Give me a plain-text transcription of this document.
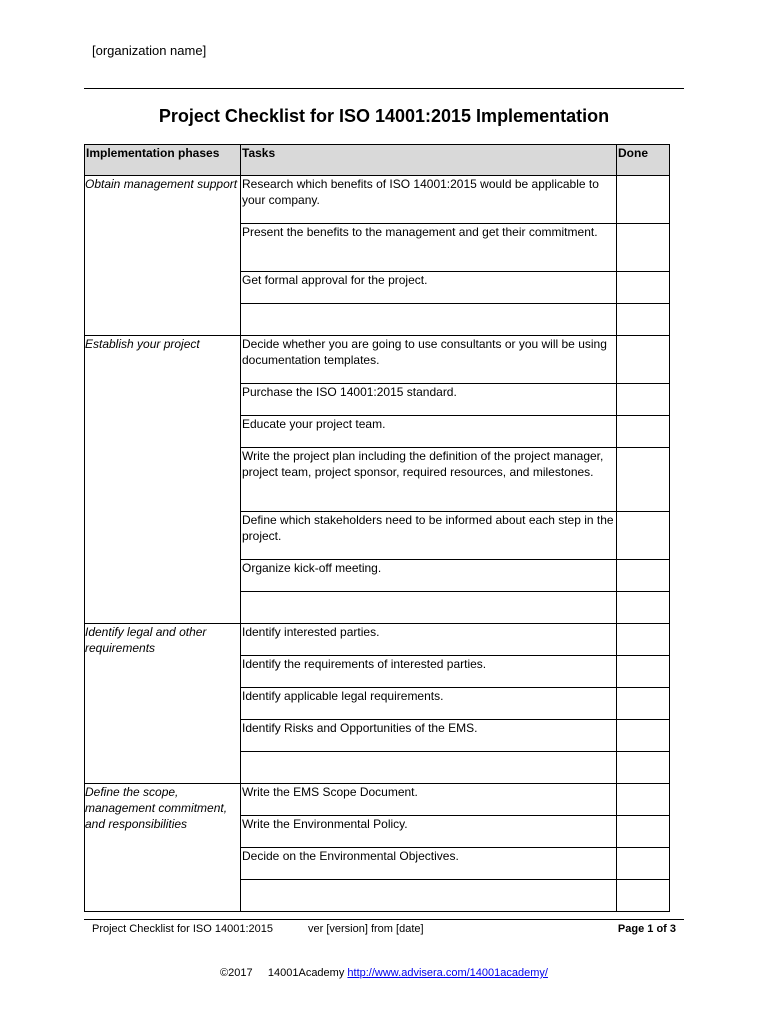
[organization name]
Project Checklist for ISO 14001:2015 Implementation
Implementation phases	Tasks	Done
Obtain management support	Research which benefits of ISO 14001:2015 would be applicable to your company.	
	Present the benefits to the management and get their commitment.	
	Get formal approval for the project.	

Establish your project	Decide whether you are going to use consultants or you will be using documentation templates.	
	Purchase the ISO 14001:2015 standard.	
	Educate your project team.	
	Write the project plan including the definition of the project manager, project team, project sponsor, required resources, and milestones.	
	Define which stakeholders need to be informed about each step in the project.	
	Organize kick-off meeting.	

Identify legal and other requirements	Identify interested parties.	
	Identify the requirements of interested parties.	
	Identify applicable legal requirements.	
	Identify Risks and Opportunities of the EMS.	

Define the scope, management commitment, and responsibilities	Write the EMS Scope Document.	
	Write the Environmental Policy.	
	Decide on the Environmental Objectives.	

Project Checklist for ISO 14001:2015	ver [version] from [date]	Page 1 of 3
©2017 14001Academy http://www.advisera.com/14001academy/
